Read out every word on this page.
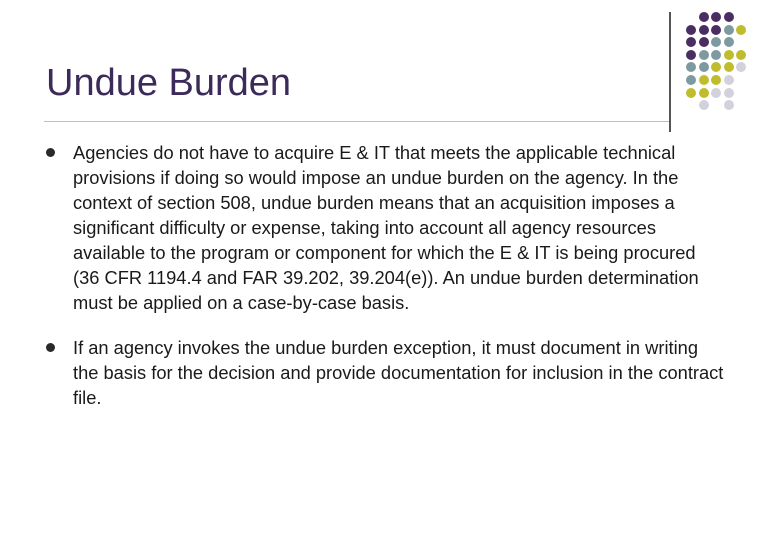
Undue Burden
Agencies do not have to acquire E & IT that meets the applicable technical provisions if doing so would impose an undue burden on the agency. In the context of section 508, undue burden means that an acquisition imposes a significant difficulty or expense, taking into account all agency resources available to the program or component for which the E & IT is being procured (36 CFR 1194.4 and FAR 39.202, 39.204(e)). An undue burden determination must be applied on a case-by-case basis.
If an agency invokes the undue burden exception, it must document in writing the basis for the decision and provide documentation for inclusion in the contract file.
